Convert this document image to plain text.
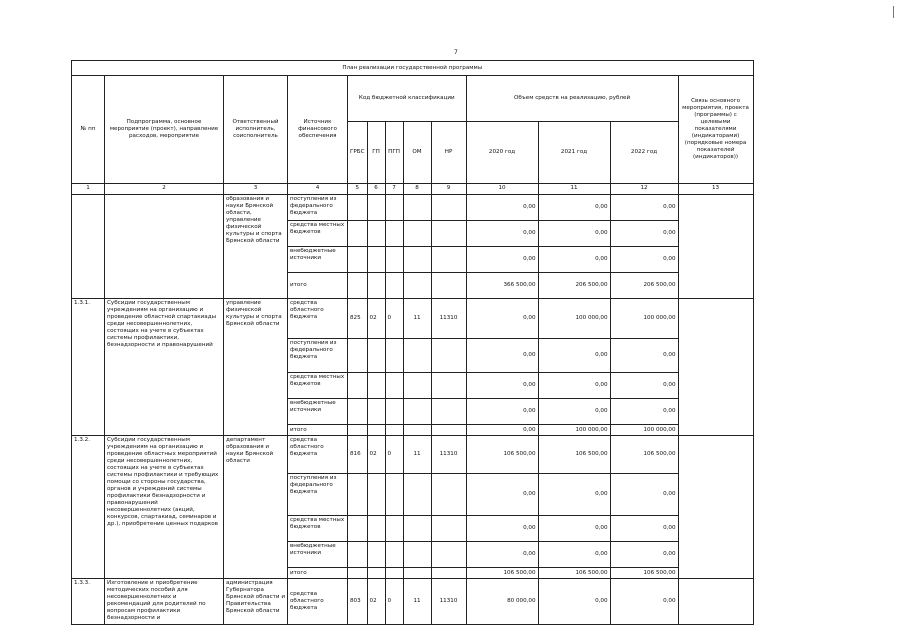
7
План реализации государственной программы												
№ пп	Подпрограмма, основное мероприятие (проект), направление расходов, мероприятие	Ответственный исполнитель, соисполнитель	Источник финансового обеспечения	Код бюджетной классификации					Объем средств на реализацию, рублей			Связь основного мероприятия, проекта (программы) с целевыми показателями (индикаторами) (порядковые номера показателей (индикаторов))
				ГРБС	ГП	ПГП	ОМ	НР	2020 год	2021 год	2022 год	
1	2	3	4	5	6	7	8	9	10	11	12	13
		образования и науки Брянской области, управление физической культуры и спорта Брянской области	поступления из федерального бюджета						0,00	0,00	0,00	
			средства местных бюджетов						0,00	0,00	0,00	
			внебюджетные источники						0,00	0,00	0,00	
			итого						366 500,00	206 500,00	206 500,00	
1.3.1.	Субсидии государственным учреждениям на организацию и проведение областной спартакиады среди несовершеннолетних, состоящих на учете в субъектах системы профилактики, безнадзорности и правонарушений	управление физической культуры и спорта Брянской области	средства областного бюджета	825	02	0	11	11310	0,00	100 000,00	100 000,00	
			поступления из федерального бюджета						0,00	0,00	0,00	
			средства местных бюджетов						0,00	0,00	0,00	
			внебюджетные источники						0,00	0,00	0,00	
			итого						0,00	100 000,00	100 000,00	
1.3.2.	Субсидии государственным учреждениям на организацию и проведение областных мероприятий среди несовершеннолетних, состоящих на учете в субъектах системы профилактики и требующих помощи со стороны государства, органов и учреждений системы профилактики безнадзорности и правонарушений несовершеннолетних (акций, конкурсов, спартакиад, семинаров и др.), приобретение ценных подарков	департамент образования и науки Брянской области	средства областного бюджета	816	02	0	11	11310	106 500,00	106 500,00	106 500,00	
			поступления из федерального бюджета						0,00	0,00	0,00	
			средства местных бюджетов						0,00	0,00	0,00	
			внебюджетные источники						0,00	0,00	0,00	
			итого						106 500,00	106 500,00	106 500,00	
1.3.3.	Изготовление и приобретение методических пособий для несовершеннолетних и рекомендаций для родителей по вопросам профилактики безнадзорности и	администрация Губернатора Брянской области и Правительства Брянской области	средства областного бюджета	803	02	0	11	11310	80 000,00	0,00	0,00	
